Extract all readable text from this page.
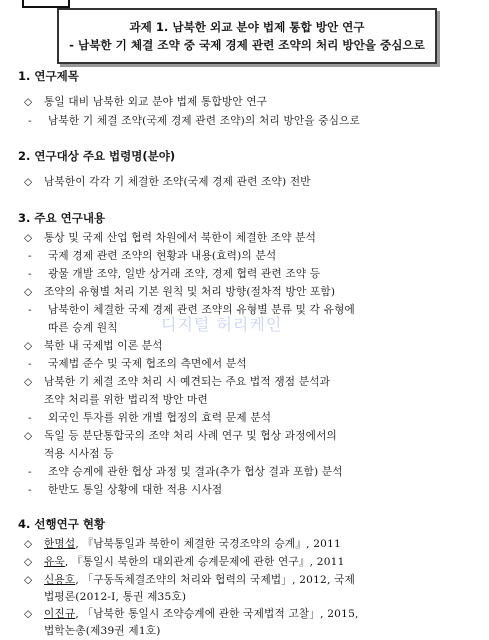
과제 1. 남북한 외교 분야 법제 통합 방안 연구
- 남북한 기 체결 조약 중 국제 경제 관련 조약의 처리 방안을 중심으로
1. 연구제목
◇ 통일 대비 남북한 외교 분야 법제 통합방안 연구
- 남북한 기 체결 조약(국제 경제 관련 조약)의 처리 방안을 중심으로
2. 연구대상 주요 법령명(분야)
◇ 남북한이 각각 기 체결한 조약(국제 경제 관련 조약) 전반
3. 주요 연구내용
◇ 통상 및 국제 산업 협력 차원에서 북한이 체결한 조약 분석
- 국제 경제 관련 조약의 현황과 내용(효력)의 분석
- 광물 개발 조약, 일반 상거래 조약, 경제 협력 관련 조약 등
◇ 조약의 유형별 처리 기본 원칙 및 처리 방향(절차적 방안 포함)
- 남북한이 체결한 국제 경제 관련 조약의 유형별 분류 및 각 유형에
따른 승계 원칙
◇ 북한 내 국제법 이론 분석
- 국제법 준수 및 국제 협조의 측면에서 분석
◇ 남북한 기 체결 조약 처리 시 예견되는 주요 법적 쟁점 분석과
조약 처리를 위한 법리적 방안 마련
- 외국인 투자를 위한 개별 협정의 효력 문제 분석
◇ 독일 등 분단통합국의 조약 처리 사례 연구 및 협상 과정에서의
적용 시사점 등
- 조약 승계에 관한 협상 과정 및 결과(추가 협상 결과 포함) 분석
- 한반도 통일 상황에 대한 적용 시사점
4. 선행연구 현황
◇ 한명섭, 『남북통일과 북한이 체결한 국경조약의 승계』, 2011
◇ 유욱, 『통일시 북한의 대외관계 승계문제에 관한 연구』, 2011
◇ 신용호, 「구동독체결조약의 처리와 협력의 국제법」, 2012, 국제
법평론(2012-I, 통권 제35호)
◇ 이진규, 「남북한 통일시 조약승계에 관한 국제법적 고찰」, 2015,
법학논총(제39권 제1호)
디지털 허리케인
